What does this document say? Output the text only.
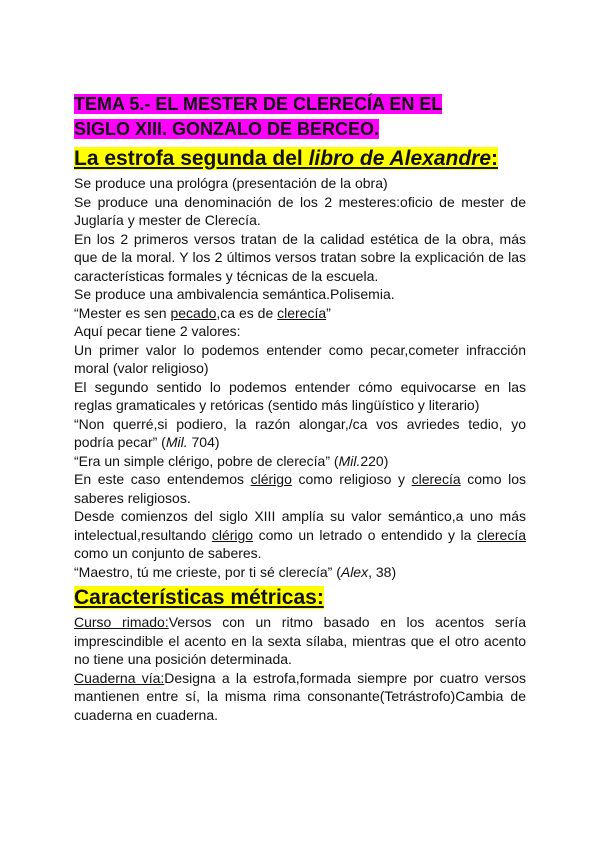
TEMA 5.- EL MESTER DE CLERECÍA EN EL
SIGLO XIII. GONZALO DE BERCEO.
La estrofa segunda del libro de Alexandre:

Se produce una prológra (presentación de la obra)

Se produce una denominación de los 2 mesteres:oficio de mester de Juglaría y mester de Clerecía.

En los 2 primeros versos tratan de la calidad estética de la obra, más que de la moral. Y los 2 últimos versos tratan sobre la explicación de las características formales y técnicas de la escuela.

Se produce una ambivalencia semántica.Polisemia.

“Mester es sen pecado,ca es de clerecía”

Aquí pecar tiene 2 valores:

Un primer valor lo podemos entender como pecar,cometer infracción moral (valor religioso)

El segundo sentido lo podemos entender cómo equivocarse en las reglas gramaticales y retóricas (sentido más lingüístico y literario)

“Non querré,si podiero, la razón alongar,/ca vos avriedes tedio, yo podría pecar” (Mil. 704)

“Era un simple clérigo, pobre de clerecía” (Mil.220)

En este caso entendemos clérigo como religioso y clerecía como los saberes religiosos.

Desde comienzos del siglo XIII amplía su valor semántico,a uno más intelectual,resultando clérigo como un letrado o entendido y la clerecía como un conjunto de saberes.

“Maestro, tú me crieste, por ti sé clerecía” (Alex, 38)

Características métricas:

Curso rimado:Versos con un ritmo basado en los acentos sería imprescindible el acento en la sexta sílaba, mientras que el otro acento no tiene una posición determinada.

Cuaderna vía:Designa a la estrofa,formada siempre por cuatro versos mantienen entre sí, la misma rima consonante(Tetrástrofo)Cambia de cuaderna en cuaderna.
